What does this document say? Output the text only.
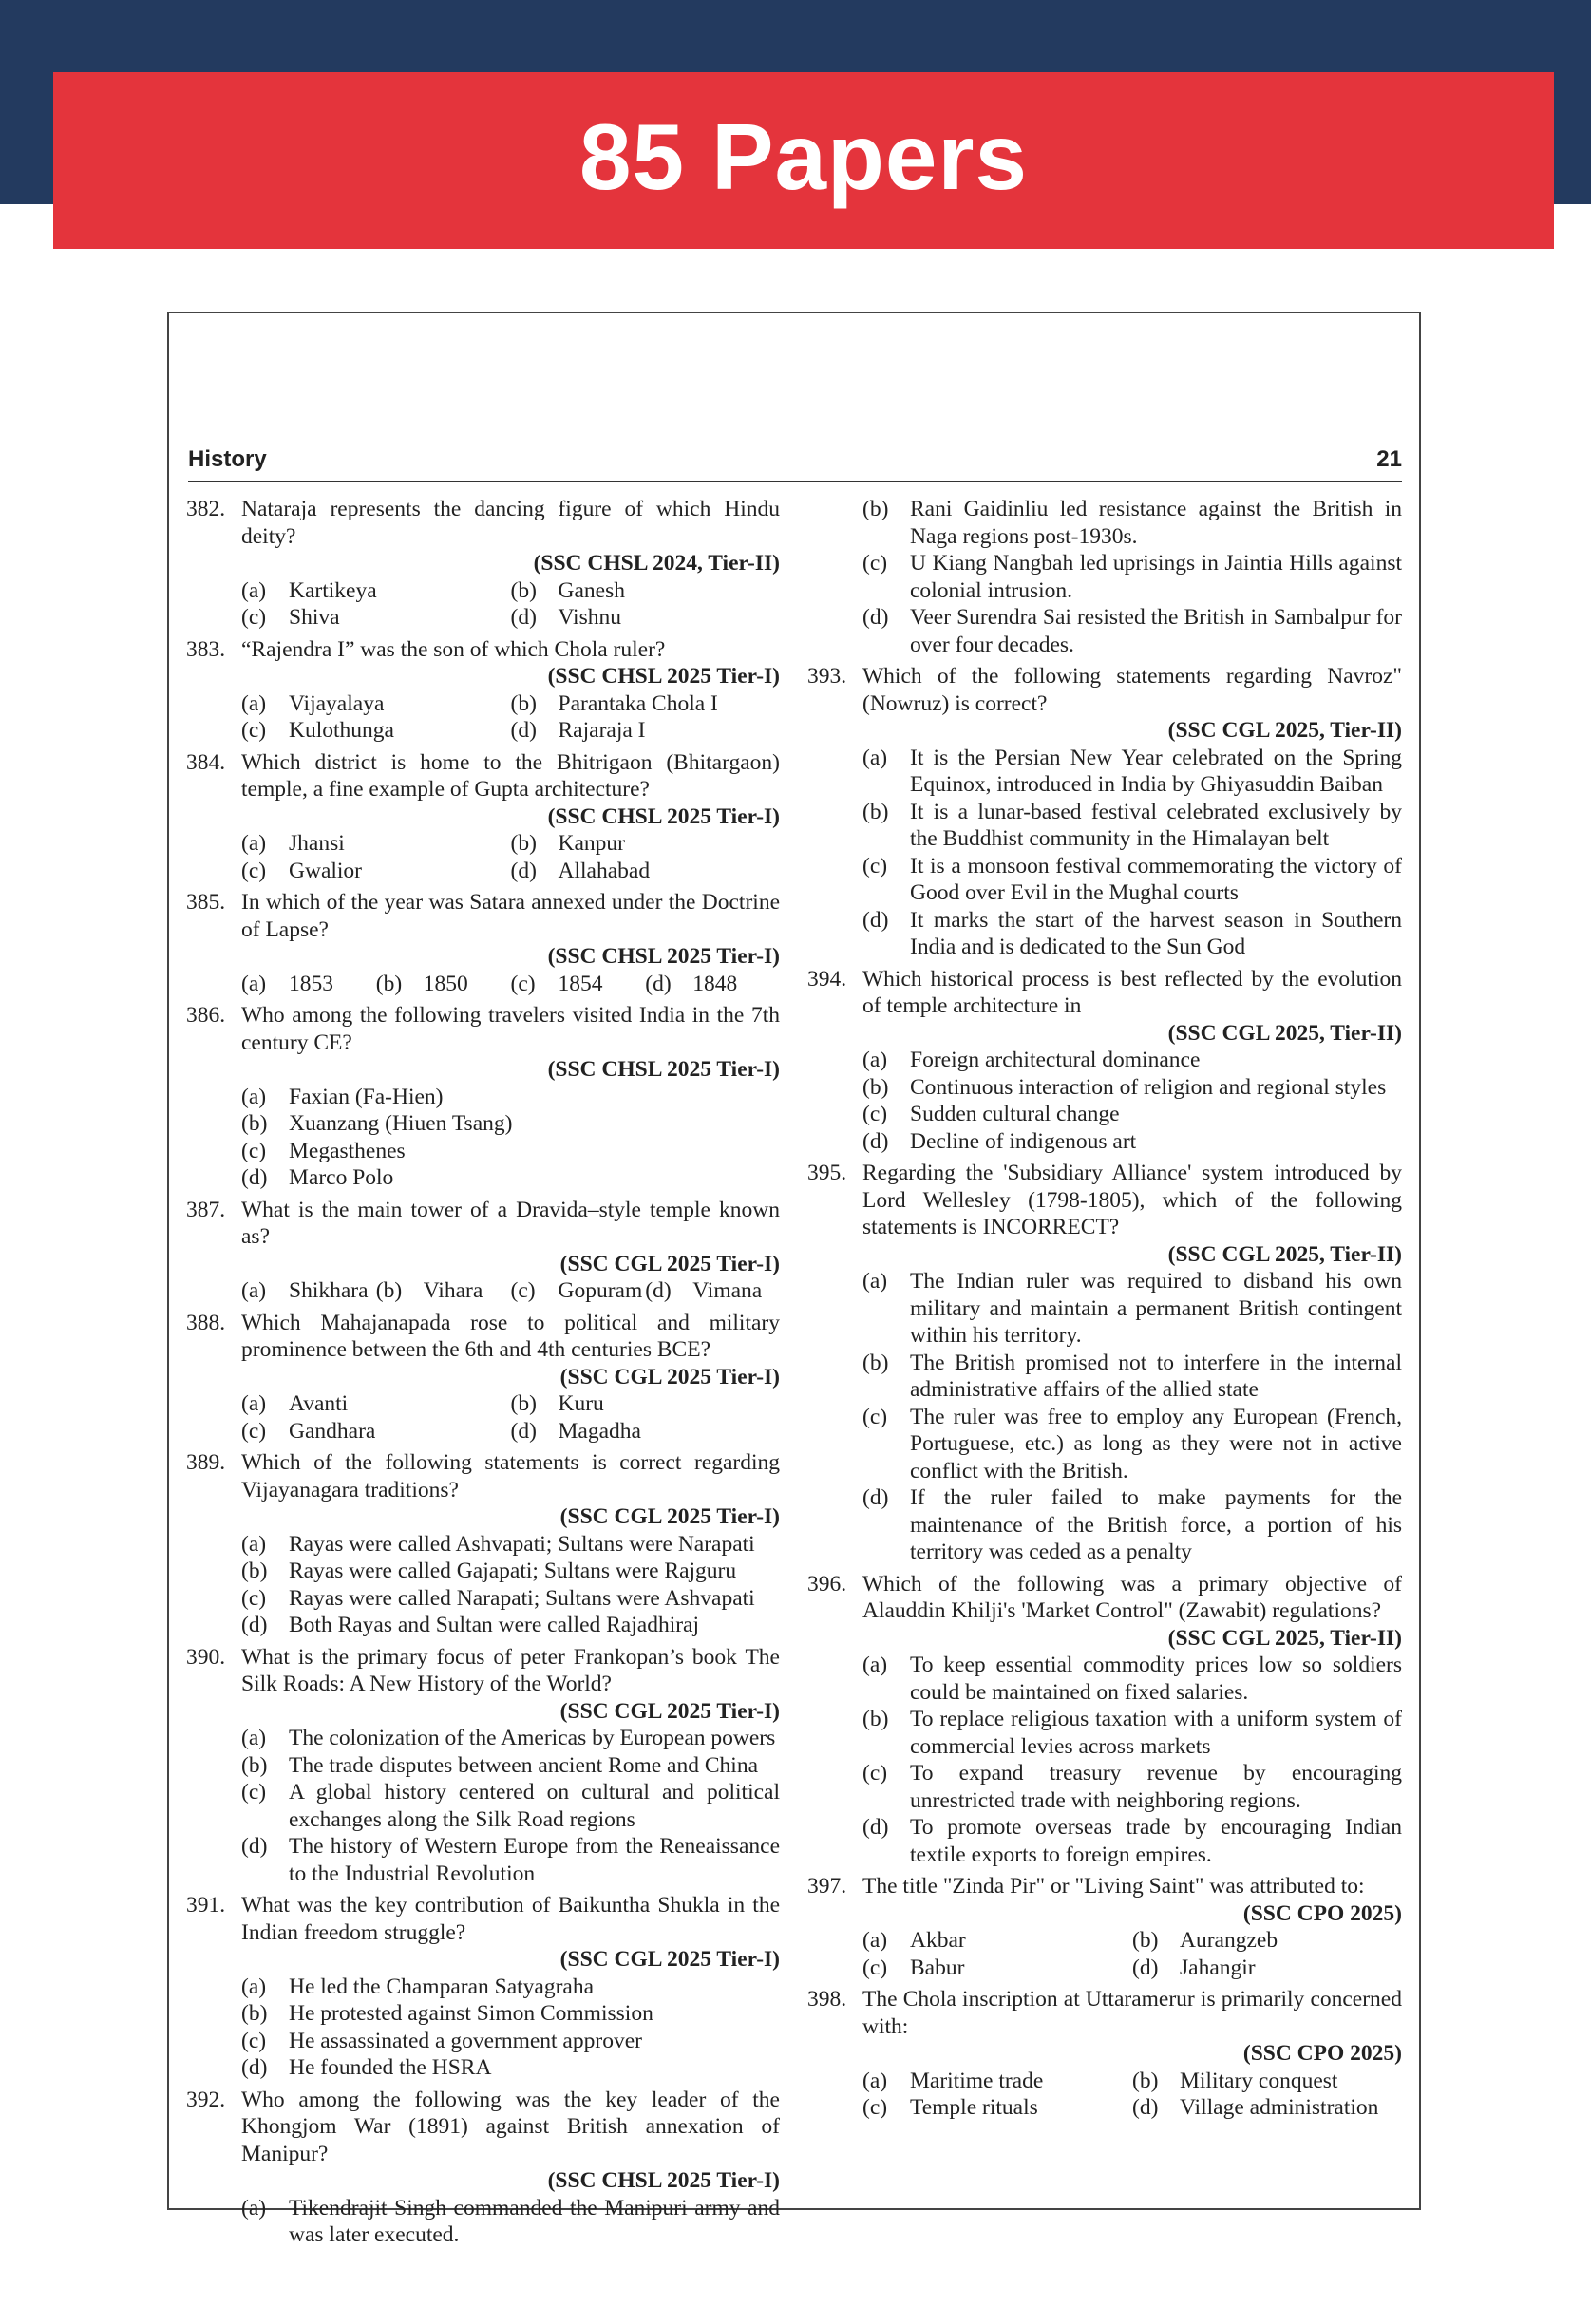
85 Papers
History	21
382. Nataraja represents the dancing figure of which Hindu deity?
(SSC CHSL 2024, Tier-II)
(a) Kartikeya	(b) Ganesh
(c) Shiva	(d) Vishnu
383. “Rajendra I” was the son of which Chola ruler?
(SSC CHSL 2025 Tier-I)
(a) Vijayalaya	(b) Parantaka Chola I
(c) Kulothunga	(d) Rajaraja I
384. Which district is home to the Bhitrigaon (Bhitargaon) temple, a fine example of Gupta architecture?
(SSC CHSL 2025 Tier-I)
(a) Jhansi	(b) Kanpur
(c) Gwalior	(d) Allahabad
385. In which of the year was Satara annexed under the Doctrine of Lapse?
(SSC CHSL 2025 Tier-I)
(a) 1853	(b) 1850	(c) 1854	(d) 1848
386. Who among the following travelers visited India in the 7th century CE?
(SSC CHSL 2025 Tier-I)
(a) Faxian (Fa-Hien)
(b) Xuanzang (Hiuen Tsang)
(c) Megasthenes
(d) Marco Polo
387. What is the main tower of a Dravida–style temple known as?
(SSC CGL 2025 Tier-I)
(a) Shikhara (b) Vihara	(c) Gopuram (d) Vimana
388. Which Mahajanapada rose to political and military prominence between the 6th and 4th centuries BCE?
(SSC CGL 2025 Tier-I)
(a) Avanti	(b) Kuru
(c) Gandhara	(d) Magadha
389. Which of the following statements is correct regarding Vijayanagara traditions?
(SSC CGL 2025 Tier-I)
(a) Rayas were called Ashvapati; Sultans were Narapati
(b) Rayas were called Gajapati; Sultans were Rajguru
(c) Rayas were called Narapati; Sultans were Ashvapati
(d) Both Rayas and Sultan were called Rajadhiraj
390. What is the primary focus of peter Frankopan’s book The Silk Roads: A New History of the World?
(SSC CGL 2025 Tier-I)
(a) The colonization of the Americas by European powers
(b) The trade disputes between ancient Rome and China
(c) A global history centered on cultural and political exchanges along the Silk Road regions
(d) The history of Western Europe from the Reneaissance to the Industrial Revolution
391. What was the key contribution of Baikuntha Shukla in the Indian freedom struggle?
(SSC CGL 2025 Tier-I)
(a) He led the Champaran Satyagraha
(b) He protested against Simon Commission
(c) He assassinated a government approver
(d) He founded the HSRA
392. Who among the following was the key leader of the Khongjom War (1891) against British annexation of Manipur?
(SSC CHSL 2025 Tier-I)
(a) Tikendrajit Singh commanded the Manipuri army and was later executed.
(b) Rani Gaidinliu led resistance against the British in Naga regions post-1930s.
(c) U Kiang Nangbah led uprisings in Jaintia Hills against colonial intrusion.
(d) Veer Surendra Sai resisted the British in Sambalpur for over four decades.
393. Which of the following statements regarding Navroz" (Nowruz) is correct?
(SSC CGL 2025, Tier-II)
(a) It is the Persian New Year celebrated on the Spring Equinox, introduced in India by Ghiyasuddin Baiban
(b) It is a lunar-based festival celebrated exclusively by the Buddhist community in the Himalayan belt
(c) It is a monsoon festival commemorating the victory of Good over Evil in the Mughal courts
(d) It marks the start of the harvest season in Southern India and is dedicated to the Sun God
394. Which historical process is best reflected by the evolution of temple architecture in
(SSC CGL 2025, Tier-II)
(a) Foreign architectural dominance
(b) Continuous interaction of religion and regional styles
(c) Sudden cultural change
(d) Decline of indigenous art
395. Regarding the 'Subsidiary Alliance' system introduced by Lord Wellesley (1798-1805), which of the following statements is INCORRECT?
(SSC CGL 2025, Tier-II)
(a) The Indian ruler was required to disband his own military and maintain a permanent British contingent within his territory.
(b) The British promised not to interfere in the internal administrative affairs of the allied state
(c) The ruler was free to employ any European (French, Portuguese, etc.) as long as they were not in active conflict with the British.
(d) If the ruler failed to make payments for the maintenance of the British force, a portion of his territory was ceded as a penalty
396. Which of the following was a primary objective of Alauddin Khilji's 'Market Control" (Zawabit) regulations?
(SSC CGL 2025, Tier-II)
(a) To keep essential commodity prices low so soldiers could be maintained on fixed salaries.
(b) To replace religious taxation with a uniform system of commercial levies across markets
(c) To expand treasury revenue by encouraging unrestricted trade with neighboring regions.
(d) To promote overseas trade by encouraging Indian textile exports to foreign empires.
397. The title "Zinda Pir" or "Living Saint" was attributed to:
(SSC CPO 2025)
(a) Akbar	(b) Aurangzeb
(c) Babur	(d) Jahangir
398. The Chola inscription at Uttaramerur is primarily concerned with:
(SSC CPO 2025)
(a) Maritime trade	(b) Military conquest
(c) Temple rituals	(d) Village administration
